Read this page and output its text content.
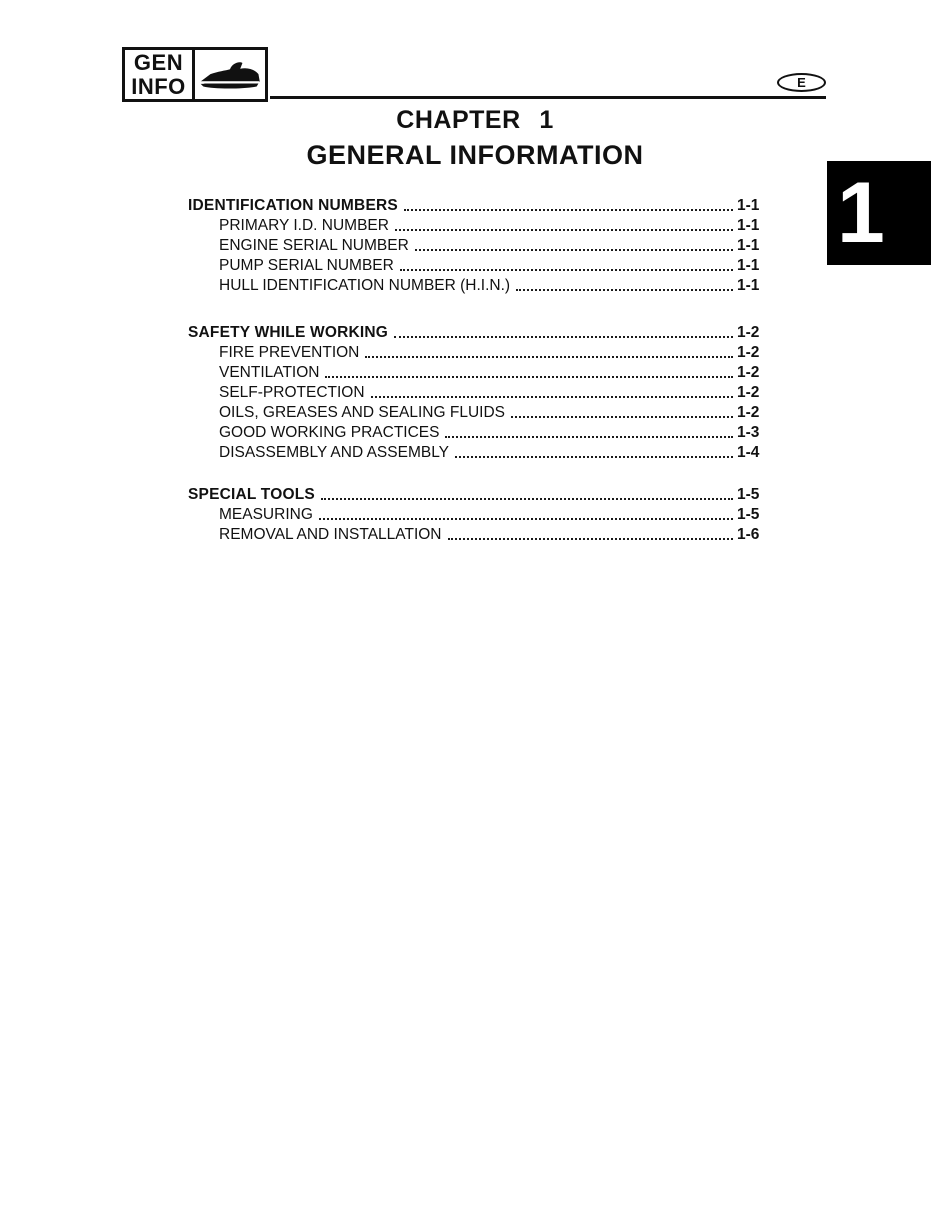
GEN
INFO	E
CHAPTER 1
GENERAL INFORMATION
1
IDENTIFICATION NUMBERS	1-1
PRIMARY I.D. NUMBER	1-1
ENGINE SERIAL NUMBER	1-1
PUMP SERIAL NUMBER	1-1
HULL IDENTIFICATION NUMBER (H.I.N.)	1-1
SAFETY WHILE WORKING	1-2
FIRE PREVENTION	1-2
VENTILATION	1-2
SELF-PROTECTION	1-2
OILS, GREASES AND SEALING FLUIDS	1-2
GOOD WORKING PRACTICES	1-3
DISASSEMBLY AND ASSEMBLY	1-4
SPECIAL TOOLS	1-5
MEASURING	1-5
REMOVAL AND INSTALLATION	1-6
